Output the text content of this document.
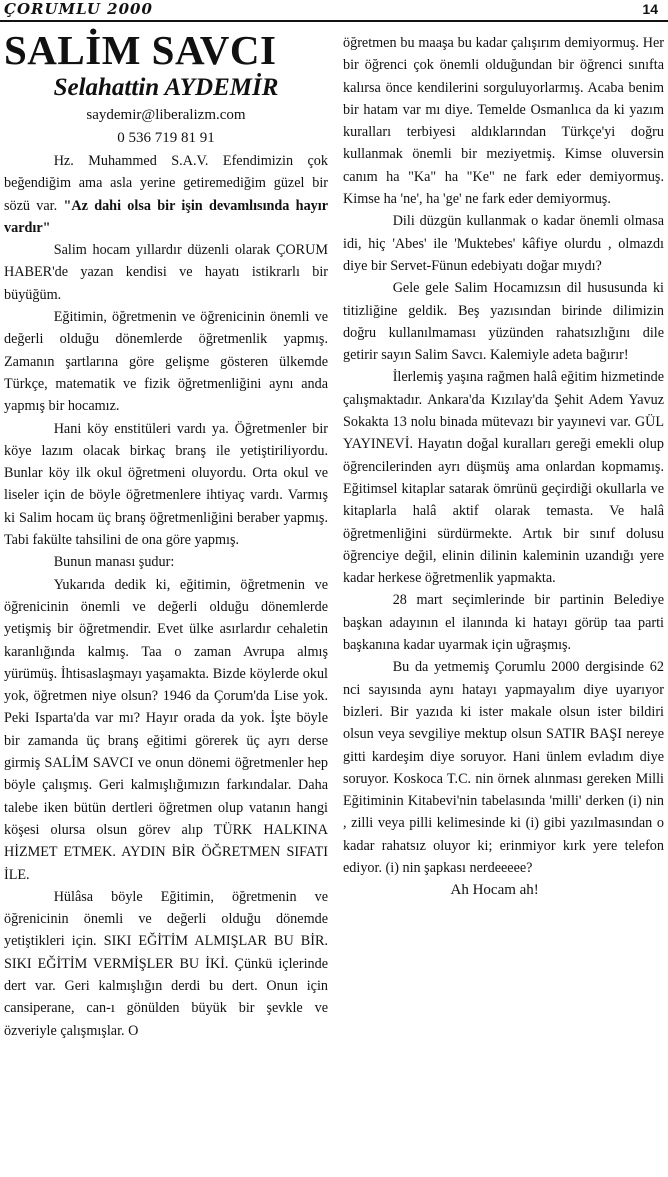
ÇORUMLU 2000	14

SALİM SAVCI

Selahattin AYDEMİR

saydemir@liberalizm.com

0 536 719 81 91

Hz. Muhammed S.A.V. Efendimizin çok beğendiğim ama asla yerine getiremediğim güzel bir sözü var. "Az dahi olsa bir işin devamlısında hayır vardır"

Salim hocam yıllardır düzenli olarak ÇORUM HABER'de yazan kendisi ve hayatı istikrarlı bir büyüğüm.

Eğitimin, öğretmenin ve öğrenicinin önemli ve değerli olduğu dönemlerde öğretmenlik yapmış. Zamanın şartlarına göre gelişme gösteren ülkemde Türkçe, matematik ve fizik öğretmenliğini aynı anda yapmış bir hocamız.

Hani köy enstitüleri vardı ya. Öğretmenler bir köye lazım olacak birkaç branş ile yetiştiriliyordu. Bunlar köy ilk okul öğretmeni oluyordu. Orta okul ve liseler için de böyle öğretmenlere ihtiyaç vardı. Varmış ki Salim hocam üç branş öğretmenliğini beraber yapmış. Tabi fakülte tahsilini de ona göre yapmış.

Bunun manası şudur:

Yukarıda dedik ki, eğitimin, öğretmenin ve öğrenicinin önemli ve değerli olduğu dönemlerde yetişmiş bir öğretmendir. Evet ülke asırlardır cehaletin karanlığında kalmış. Taa o zaman Avrupa almış yürümüş. İhtisaslaşmayı yaşamakta. Bizde köylerde okul yok, öğretmen niye olsun? 1946 da Çorum'da Lise yok. Peki Isparta'da var mı? Hayır orada da yok. İşte böyle bir zamanda üç branş eğitimi görerek üç ayrı derse girmiş SALİM SAVCI ve onun dönemi öğretmenler hep böyle çalışmış. Geri kalmışlığımızın farkındalar. Daha talebe iken bütün dertleri öğretmen olup vatanın hangi köşesi olursa olsun görev alıp TÜRK HALKINA HİZMET ETMEK. AYDIN BİR ÖĞRETMEN SIFATI İLE.

Hülâsa böyle Eğitimin, öğretmenin ve öğrenicinin önemli ve değerli olduğu dönemde yetiştikleri için. SIKI EĞİTİM ALMIŞLAR BU BİR. SIKI EĞİTİM VERMİŞLER BU İKİ. Çünkü içlerinde dert var. Geri kalmışlığın derdi bu dert. Onun için cansiperane, can-ı gönülden büyük bir şevkle ve özveriyle çalışmışlar. O

öğretmen bu maaşa bu kadar çalışırım demiyormuş. Her bir öğrenci çok önemli olduğundan bir öğrenci sınıfta kalırsa önce kendilerini sorguluyorlarmış. Acaba benim bir hatam var mı diye. Temelde Osmanlıca da ki yazım kuralları terbiyesi aldıklarından Türkçe'yi doğru kullanmak önemli bir meziyetmiş. Kimse oluversin canım ha "Ka" ha "Ke" ne fark eder demiyormuş. Kimse ha 'ne', ha 'ge' ne fark eder demiyormuş.

Dili düzgün kullanmak o kadar önemli olmasa idi, hiç 'Abes' ile 'Muktebes' kâfiye olurdu , olmazdı diye bir Servet-Fünun edebiyatı doğar mıydı?

Gele gele Salim Hocamızsın dil hususunda ki titizliğine geldik. Beş yazısından birinde dilimizin doğru kullanılmaması yüzünden rahatsızlığını dile getirir sayın Salim Savcı. Kalemiyle adeta bağırır!

İlerlemiş yaşına rağmen halâ eğitim hizmetinde çalışmaktadır. Ankara'da Kızılay'da Şehit Adem Yavuz Sokakta 13 nolu binada mütevazı bir yayınevi var. GÜL YAYINEVİ. Hayatın doğal kuralları gereği emekli olup öğrencilerinden ayrı düşmüş ama onlardan kopmamış. Eğitimsel kitaplar satarak ömrünü geçirdiği okullarla ve kitaplarla halâ aktif olarak temasta. Ve halâ öğretmenliğini sürdürmekte. Artık bir sınıf dolusu öğrenciye değil, elinin dilinin kaleminin uzandığı yere kadar herkese öğretmenlik yapmakta.

28 mart seçimlerinde bir partinin Belediye başkan adayının el ilanında ki hatayı görüp taa parti başkanına kadar uyarmak için uğraşmış.

Bu da yetmemiş Çorumlu 2000 dergisinde 62 nci sayısında aynı hatayı yapmayalım diye uyarıyor bizleri. Bir yazıda ki ister makale olsun ister bildiri olsun veya sevgiliye mektup olsun SATIR BAŞI nereye gitti kardeşim diye soruyor. Hani ünlem evladım diye soruyor. Koskoca T.C. nin örnek alınması gereken Milli Eğitiminin Kitabevi'nin tabelasında 'milli' derken (i) nin , zilli veya pilli kelimesinde ki (i) gibi yazılmasından o kadar rahatsız oluyor ki; erinmiyor kırk yere telefon ediyor. (i) nin şapkası nerdeeeee?

Ah Hocam ah!
